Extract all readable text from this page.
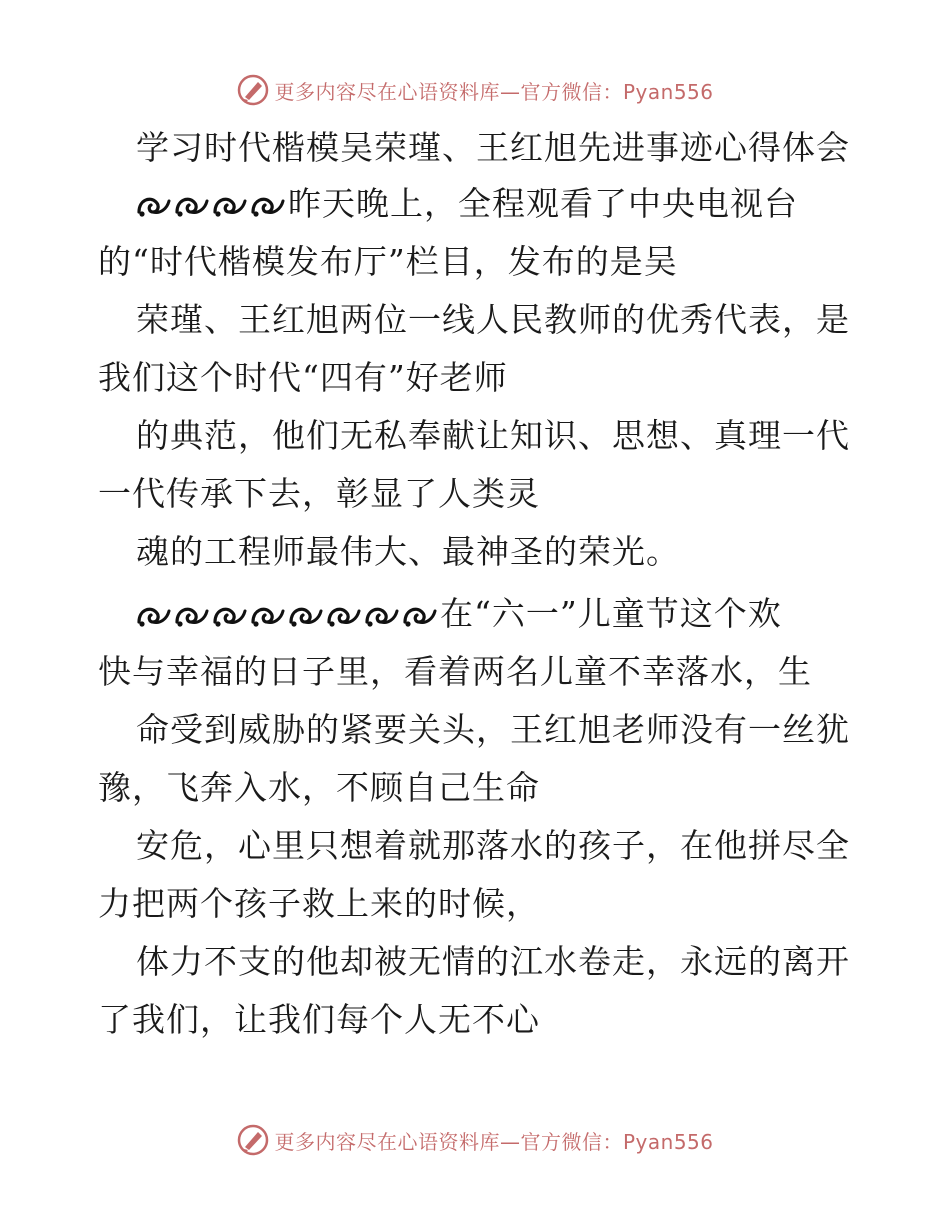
更多内容尽在心语资料库—官方微信：Pyan556
学习时代楷模吴荣瑾、王红旭先进事迹心得体会
昨天晚上，全程观看了中央电视台
的“时代楷模发布厅”栏目，发布的是吴
荣瑾、王红旭两位一线人民教师的优秀代表，是
我们这个时代“四有”好老师
的典范，他们无私奉献让知识、思想、真理一代
一代传承下去，彰显了人类灵
魂的工程师最伟大、最神圣的荣光。
在“六一”儿童节这个欢
快与幸福的日子里，看着两名儿童不幸落水，生
命受到威胁的紧要关头，王红旭老师没有一丝犹
豫，飞奔入水，不顾自己生命
安危，心里只想着就那落水的孩子，在他拼尽全
力把两个孩子救上来的时候，
体力不支的他却被无情的江水卷走，永远的离开
了我们，让我们每个人无不心
更多内容尽在心语资料库—官方微信：Pyan556
